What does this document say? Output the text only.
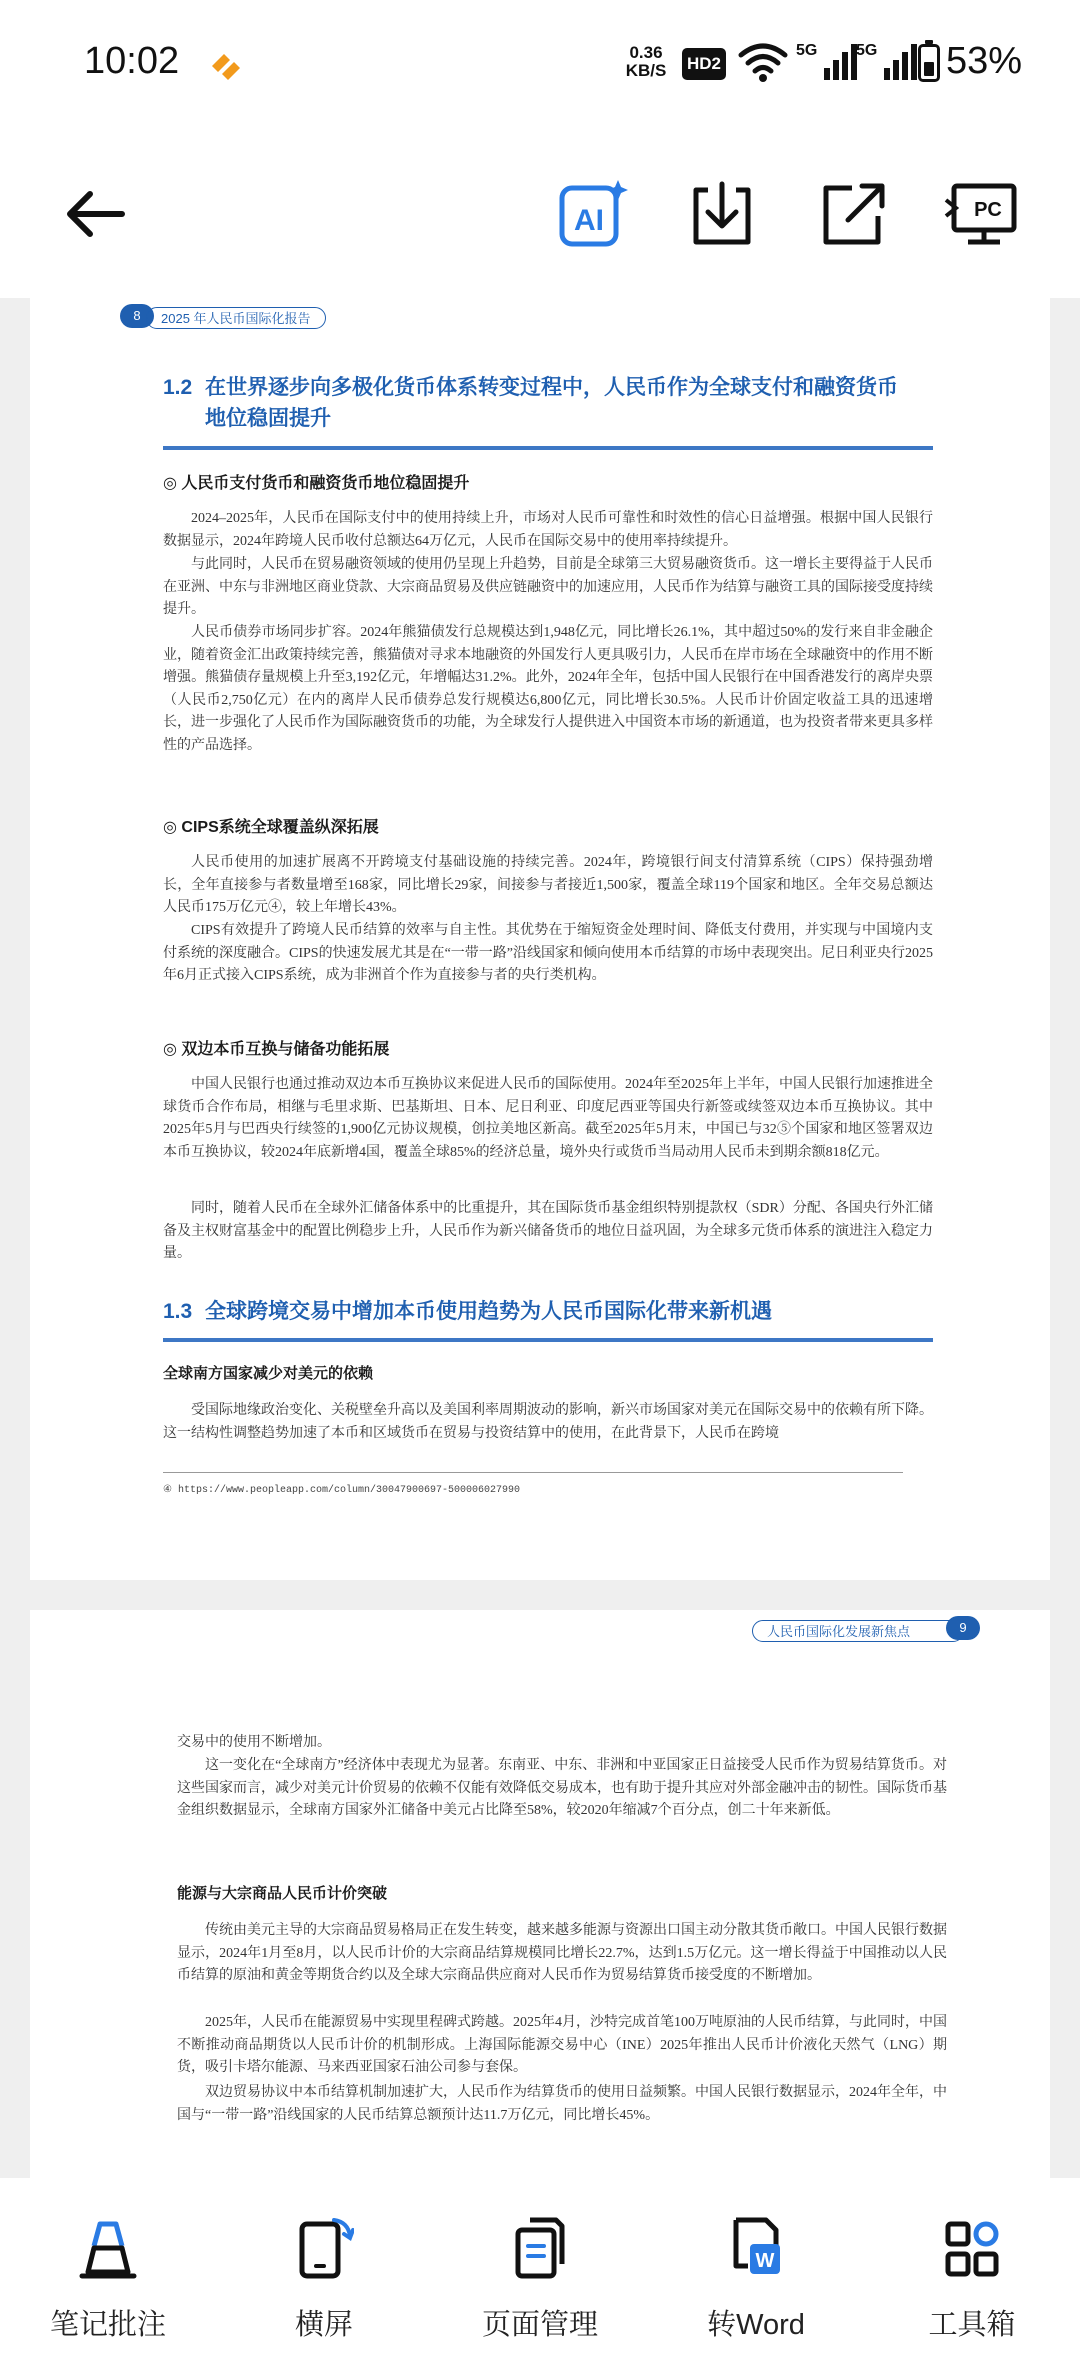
10:02	0.36
KB/S	HD2
5G 5G 53%
AI	PC
8	2025 年人民币国际化报告
1.2 在世界逐步向多极化货币体系转变过程中，人民币作为全球支付和融资货币
地位稳固提升
◎ 人民币支付货币和融资货币地位稳固提升
2024–2025年，人民币在国际支付中的使用持续上升，市场对人民币可靠性和时效性的信心日益增强。根据中国人民银行数据显示，2024年跨境人民币收付总额达64万亿元，人民币在国际交易中的使用率持续提升。
与此同时，人民币在贸易融资领域的使用仍呈现上升趋势，目前是全球第三大贸易融资货币。这一增长主要得益于人民币在亚洲、中东与非洲地区商业贷款、大宗商品贸易及供应链融资中的加速应用，人民币作为结算与融资工具的国际接受度持续提升。
人民币债券市场同步扩容。2024年熊猫债发行总规模达到1,948亿元，同比增长26.1%，其中超过50%的发行来自非金融企业，随着资金汇出政策持续完善，熊猫债对寻求本地融资的外国发行人更具吸引力，人民币在岸市场在全球融资中的作用不断增强。熊猫债存量规模上升至3,192亿元，年增幅达31.2%。此外，2024年全年，包括中国人民银行在中国香港发行的离岸央票（人民币2,750亿元）在内的离岸人民币债券总发行规模达6,800亿元，同比增长30.5%。人民币计价固定收益工具的迅速增长，进一步强化了人民币作为国际融资货币的功能，为全球发行人提供进入中国资本市场的新通道，也为投资者带来更具多样性的产品选择。
◎ CIPS系统全球覆盖纵深拓展
人民币使用的加速扩展离不开跨境支付基础设施的持续完善。2024年，跨境银行间支付清算系统（CIPS）保持强劲增长，全年直接参与者数量增至168家，同比增长29家，间接参与者接近1,500家，覆盖全球119个国家和地区。全年交易总额达人民币175万亿元④，较上年增长43%。
CIPS有效提升了跨境人民币结算的效率与自主性。其优势在于缩短资金处理时间、降低支付费用，并实现与中国境内支付系统的深度融合。CIPS的快速发展尤其是在“一带一路”沿线国家和倾向使用本币结算的市场中表现突出。尼日利亚央行2025年6月正式接入CIPS系统，成为非洲首个作为直接参与者的央行类机构。
◎ 双边本币互换与储备功能拓展
中国人民银行也通过推动双边本币互换协议来促进人民币的国际使用。2024年至2025年上半年，中国人民银行加速推进全球货币合作布局，相继与毛里求斯、巴基斯坦、日本、尼日利亚、印度尼西亚等国央行新签或续签双边本币互换协议。其中2025年5月与巴西央行续签的1,900亿元协议规模，创拉美地区新高。截至2025年5月末，中国已与32⑤个国家和地区签署双边本币互换协议，较2024年底新增4国，覆盖全球85%的经济总量，境外央行或货币当局动用人民币未到期余额818亿元。
同时，随着人民币在全球外汇储备体系中的比重提升，其在国际货币基金组织特别提款权（SDR）分配、各国央行外汇储备及主权财富基金中的配置比例稳步上升，人民币作为新兴储备货币的地位日益巩固，为全球多元货币体系的演进注入稳定力量。
1.3 全球跨境交易中增加本币使用趋势为人民币国际化带来新机遇
全球南方国家减少对美元的依赖
受国际地缘政治变化、关税壁垒升高以及美国利率周期波动的影响，新兴市场国家对美元在国际交易中的依赖有所下降。这一结构性调整趋势加速了本币和区域货币在贸易与投资结算中的使用，在此背景下，人民币在跨境
④ https://www.peopleapp.com/column/30047900697-500006027990
人民币国际化发展新焦点	9
交易中的使用不断增加。
这一变化在“全球南方”经济体中表现尤为显著。东南亚、中东、非洲和中亚国家正日益接受人民币作为贸易结算货币。对这些国家而言，减少对美元计价贸易的依赖不仅能有效降低交易成本，也有助于提升其应对外部金融冲击的韧性。国际货币基金组织数据显示，全球南方国家外汇储备中美元占比降至58%，较2020年缩减7个百分点，创二十年来新低。
能源与大宗商品人民币计价突破
传统由美元主导的大宗商品贸易格局正在发生转变，越来越多能源与资源出口国主动分散其货币敞口。中国人民银行数据显示，2024年1月至8月，以人民币计价的大宗商品结算规模同比增长22.7%，达到1.5万亿元。这一增长得益于中国推动以人民币结算的原油和黄金等期货合约以及全球大宗商品供应商对人民币作为贸易结算货币接受度的不断增加。
2025年，人民币在能源贸易中实现里程碑式跨越。2025年4月，沙特完成首笔100万吨原油的人民币结算，与此同时，中国不断推动商品期货以人民币计价的机制形成。上海国际能源交易中心（INE）2025年推出人民币计价液化天然气（LNG）期货，吸引卡塔尔能源、马来西亚国家石油公司参与套保。
双边贸易协议中本币结算机制加速扩大，人民币作为结算货币的使用日益频繁。中国人民银行数据显示，2024年全年，中国与“一带一路”沿线国家的人民币结算总额预计达11.7万亿元，同比增长45%。
笔记批注	横屏	页面管理
W
转Word	工具箱
